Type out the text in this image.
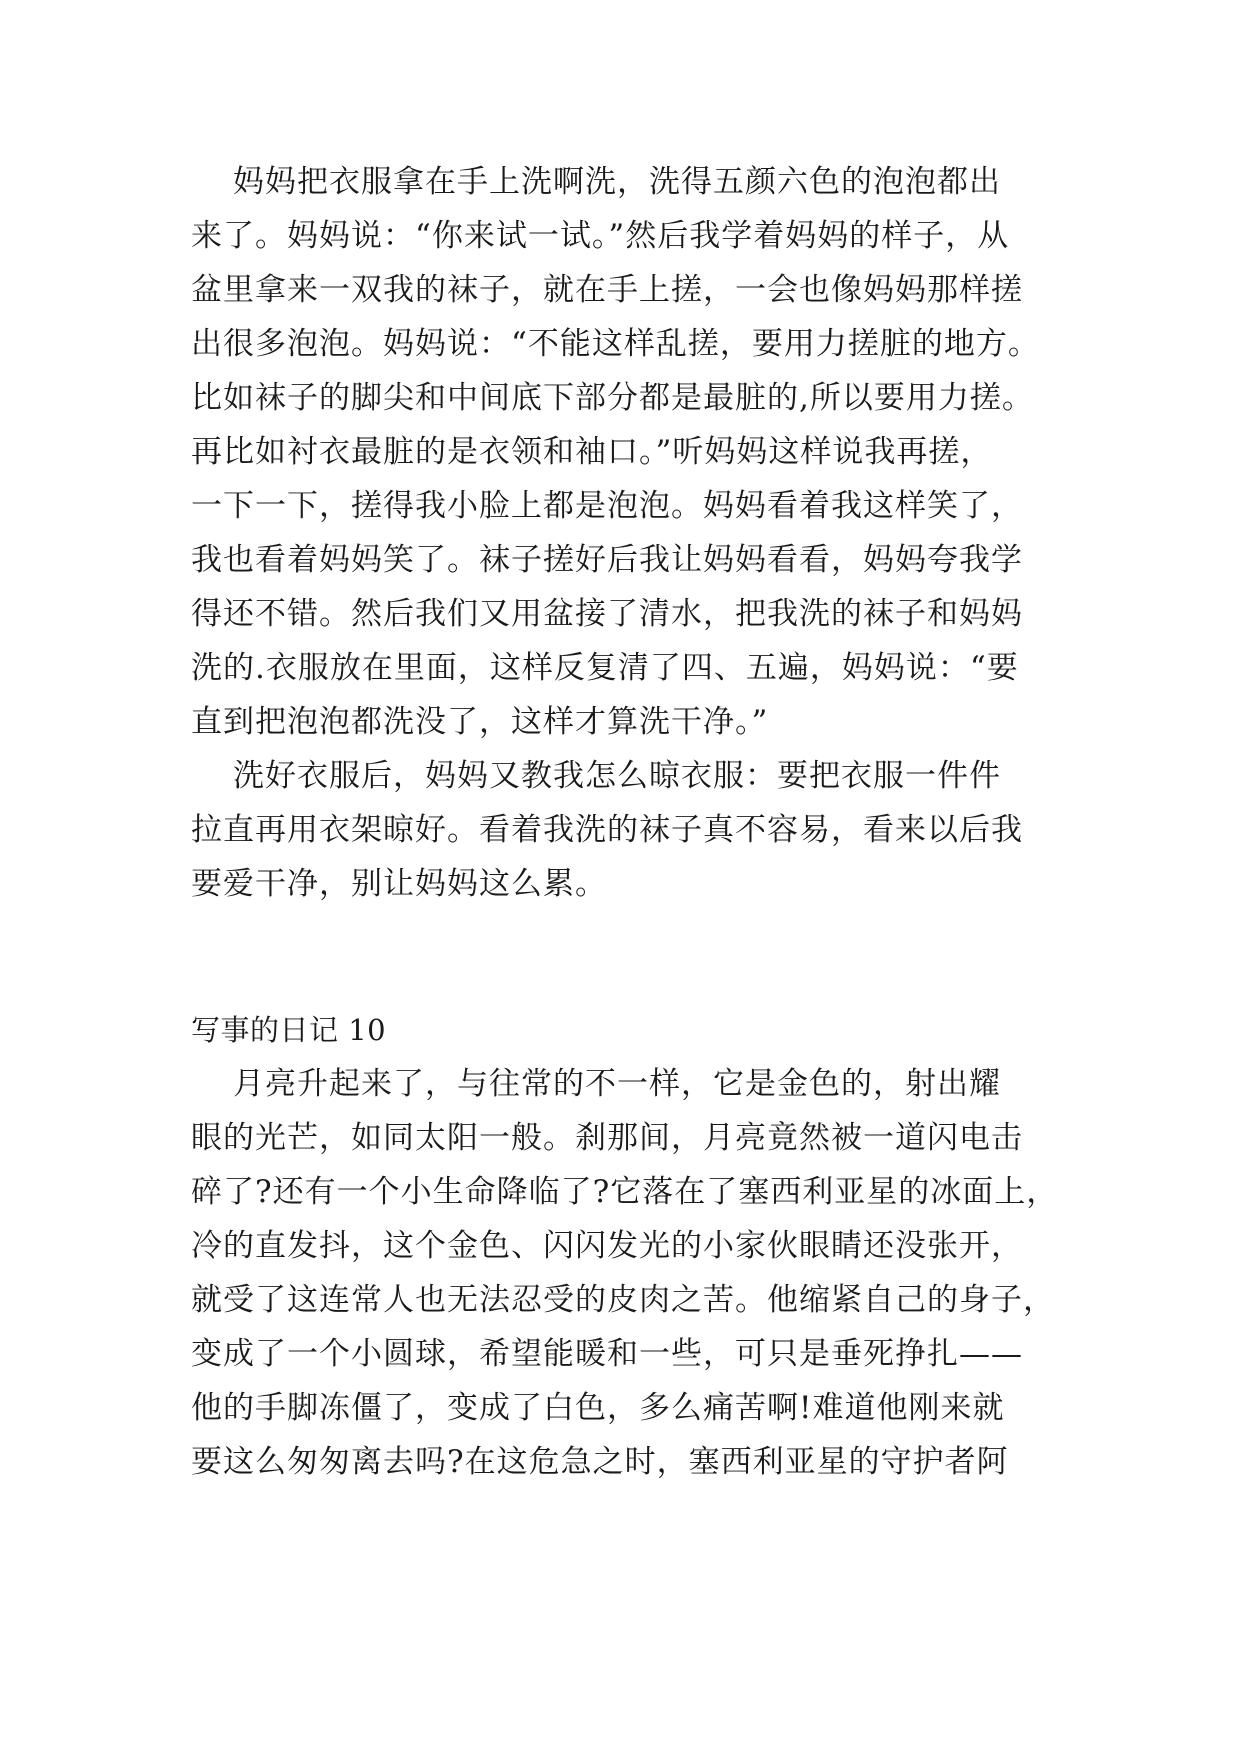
妈妈把衣服拿在手上洗啊洗，洗得五颜六色的泡泡都出
来了。妈妈说：“你来试一试。”然后我学着妈妈的样子，从
盆里拿来一双我的袜子，就在手上搓，一会也像妈妈那样搓
出很多泡泡。妈妈说：“不能这样乱搓，要用力搓脏的地方。
比如袜子的脚尖和中间底下部分都是最脏的,所以要用力搓。
再比如衬衣最脏的是衣领和袖口。”听妈妈这样说我再搓，
一下一下，搓得我小脸上都是泡泡。妈妈看着我这样笑了，
我也看着妈妈笑了。袜子搓好后我让妈妈看看，妈妈夸我学
得还不错。然后我们又用盆接了清水，把我洗的袜子和妈妈
洗的.衣服放在里面，这样反复清了四、五遍，妈妈说：“要
直到把泡泡都洗没了，这样才算洗干净。”
洗好衣服后，妈妈又教我怎么晾衣服：要把衣服一件件
拉直再用衣架晾好。看着我洗的袜子真不容易，看来以后我
要爱干净，别让妈妈这么累。
写事的日记 10
月亮升起来了，与往常的不一样，它是金色的，射出耀
眼的光芒，如同太阳一般。刹那间，月亮竟然被一道闪电击
碎了?还有一个小生命降临了?它落在了塞西利亚星的冰面上，
冷的直发抖，这个金色、闪闪发光的小家伙眼睛还没张开，
就受了这连常人也无法忍受的皮肉之苦。他缩紧自己的身子，
变成了一个小圆球，希望能暖和一些，可只是垂死挣扎——
他的手脚冻僵了，变成了白色，多么痛苦啊!难道他刚来就
要这么匆匆离去吗?在这危急之时，塞西利亚星的守护者阿
